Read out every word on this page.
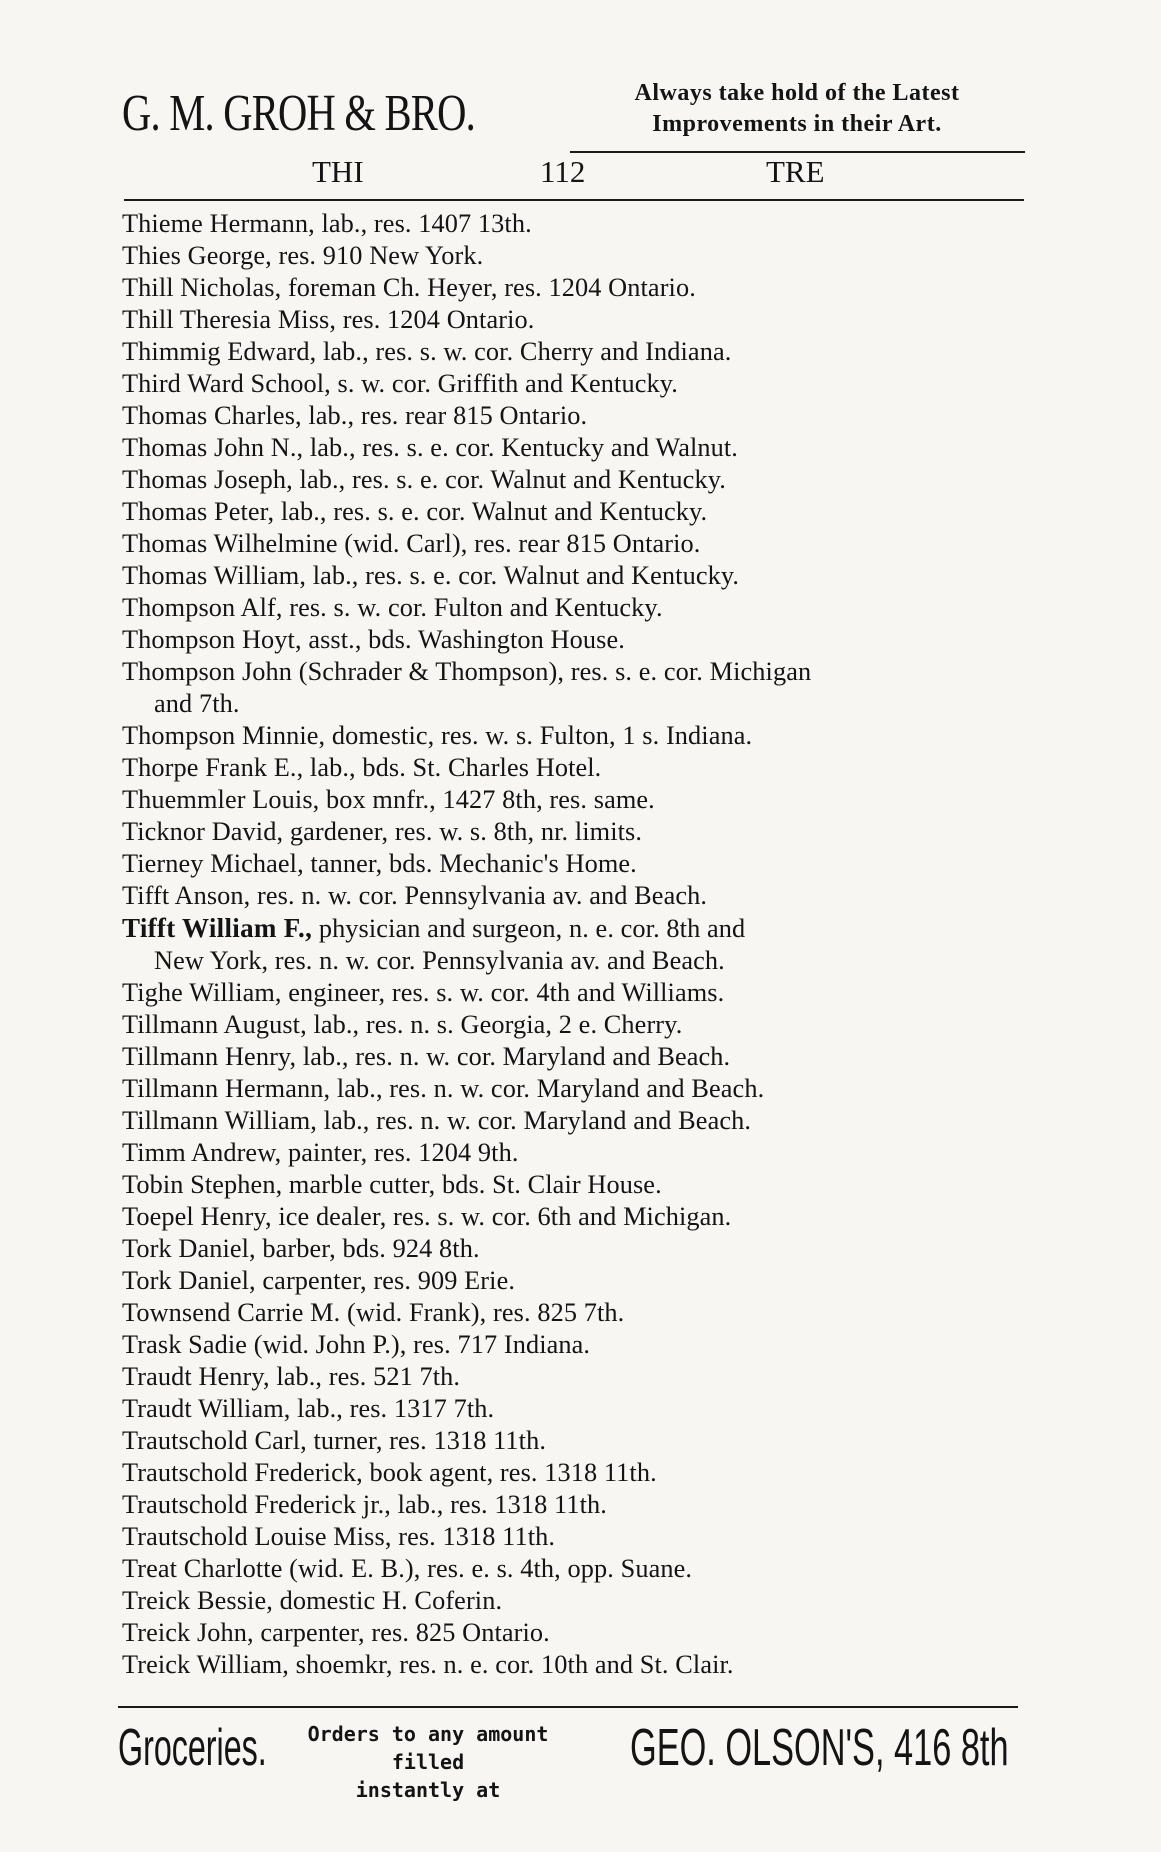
G. M. GROH & BRO.	Always take hold of the Latest
Improvements in their Art.
THI	112	TRE
Thieme Hermann, lab., res. 1407 13th.
Thies George, res. 910 New York.
Thill Nicholas, foreman Ch. Heyer, res. 1204 Ontario.
Thill Theresia Miss, res. 1204 Ontario.
Thimmig Edward, lab., res. s. w. cor. Cherry and Indiana.
Third Ward School, s. w. cor. Griffith and Kentucky.
Thomas Charles, lab., res. rear 815 Ontario.
Thomas John N., lab., res. s. e. cor. Kentucky and Walnut.
Thomas Joseph, lab., res. s. e. cor. Walnut and Kentucky.
Thomas Peter, lab., res. s. e. cor. Walnut and Kentucky.
Thomas Wilhelmine (wid. Carl), res. rear 815 Ontario.
Thomas William, lab., res. s. e. cor. Walnut and Kentucky.
Thompson Alf, res. s. w. cor. Fulton and Kentucky.
Thompson Hoyt, asst., bds. Washington House.
Thompson John (Schrader & Thompson), res. s. e. cor. Michigan
and 7th.
Thompson Minnie, domestic, res. w. s. Fulton, 1 s. Indiana.
Thorpe Frank E., lab., bds. St. Charles Hotel.
Thuemmler Louis, box mnfr., 1427 8th, res. same.
Ticknor David, gardener, res. w. s. 8th, nr. limits.
Tierney Michael, tanner, bds. Mechanic's Home.
Tifft Anson, res. n. w. cor. Pennsylvania av. and Beach.
Tifft William F., physician and surgeon, n. e. cor. 8th and
New York, res. n. w. cor. Pennsylvania av. and Beach.
Tighe William, engineer, res. s. w. cor. 4th and Williams.
Tillmann August, lab., res. n. s. Georgia, 2 e. Cherry.
Tillmann Henry, lab., res. n. w. cor. Maryland and Beach.
Tillmann Hermann, lab., res. n. w. cor. Maryland and Beach.
Tillmann William, lab., res. n. w. cor. Maryland and Beach.
Timm Andrew, painter, res. 1204 9th.
Tobin Stephen, marble cutter, bds. St. Clair House.
Toepel Henry, ice dealer, res. s. w. cor. 6th and Michigan.
Tork Daniel, barber, bds. 924 8th.
Tork Daniel, carpenter, res. 909 Erie.
Townsend Carrie M. (wid. Frank), res. 825 7th.
Trask Sadie (wid. John P.), res. 717 Indiana.
Traudt Henry, lab., res. 521 7th.
Traudt William, lab., res. 1317 7th.
Trautschold Carl, turner, res. 1318 11th.
Trautschold Frederick, book agent, res. 1318 11th.
Trautschold Frederick jr., lab., res. 1318 11th.
Trautschold Louise Miss, res. 1318 11th.
Treat Charlotte (wid. E. B.), res. e. s. 4th, opp. Suane.
Treick Bessie, domestic H. Coferin.
Treick John, carpenter, res. 825 Ontario.
Treick William, shoemkr, res. n. e. cor. 10th and St. Clair.
Groceries.	Orders to any amount filled
instantly at
GEO. OLSON'S, 416 8th
